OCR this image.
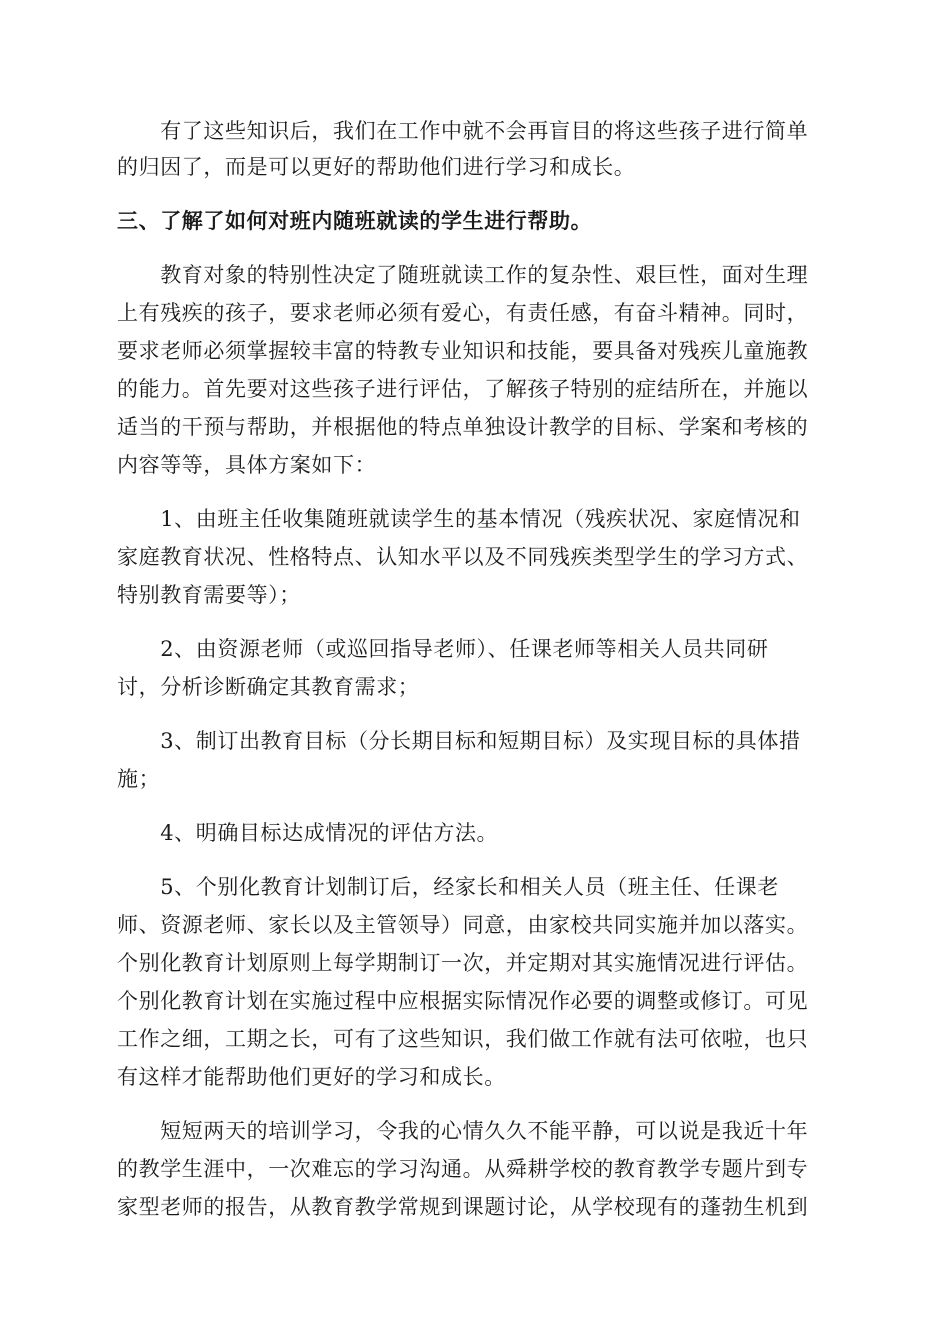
　　有了这些知识后，我们在工作中就不会再盲目的将这些孩子进行简单
的归因了，而是可以更好的帮助他们进行学习和成长。
三、了解了如何对班内随班就读的学生进行帮助。
　　教育对象的特别性决定了随班就读工作的复杂性、艰巨性，面对生理
上有残疾的孩子，要求老师必须有爱心，有责任感，有奋斗精神。同时，
要求老师必须掌握较丰富的特教专业知识和技能，要具备对残疾儿童施教
的能力。首先要对这些孩子进行评估，了解孩子特别的症结所在，并施以
适当的干预与帮助，并根据他的特点单独设计教学的目标、学案和考核的
内容等等，具体方案如下：
　　1、由班主任收集随班就读学生的基本情况（残疾状况、家庭情况和
家庭教育状况、性格特点、认知水平以及不同残疾类型学生的学习方式、
特别教育需要等）；
　　2、由资源老师（或巡回指导老师）、任课老师等相关人员共同研
讨，分析诊断确定其教育需求；
　　3、制订出教育目标（分长期目标和短期目标）及实现目标的具体措
施；
　　4、明确目标达成情况的评估方法。
　　5、个别化教育计划制订后，经家长和相关人员（班主任、任课老
师、资源老师、家长以及主管领导）同意，由家校共同实施并加以落实。
个别化教育计划原则上每学期制订一次，并定期对其实施情况进行评估。
个别化教育计划在实施过程中应根据实际情况作必要的调整或修订。可见
工作之细，工期之长，可有了这些知识，我们做工作就有法可依啦，也只
有这样才能帮助他们更好的学习和成长。
　　短短两天的培训学习，令我的心情久久不能平静，可以说是我近十年
的教学生涯中，一次难忘的学习沟通。从舜耕学校的教育教学专题片到专
家型老师的报告，从教育教学常规到课题讨论，从学校现有的蓬勃生机到
